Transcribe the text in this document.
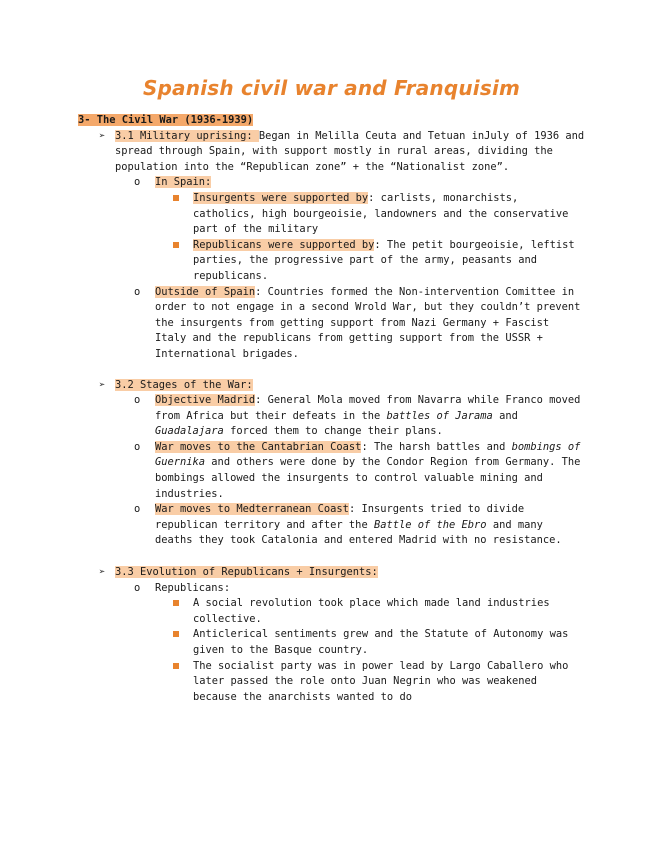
Spanish civil war and Franquisim

3- The Civil War (1936-1939)

➢ 3.1 Military uprising: Began in Melilla Ceuta and Tetuan inJuly of 1936 and spread through Spain, with support mostly in rural areas, dividing the population into the “Republican zone” + the “Nationalist zone”.

o In Spain:

Insurgents were supported by: carlists, monarchists, catholics, high bourgeoisie, landowners and the conservative part of the military

Republicans were supported by: The petit bourgeoisie, leftist parties, the progressive part of the army, peasants and republicans.

o Outside of Spain: Countries formed the Non-intervention Comittee in order to not engage in a second Wrold War, but they couldn’t prevent the insurgents from getting support from Nazi Germany + Fascist Italy and the republicans from getting support from the USSR + International brigades.

➢ 3.2 Stages of the War:

o Objective Madrid: General Mola moved from Navarra while Franco moved from Africa but their defeats in the battles of Jarama and Guadalajara forced them to change their plans.

o War moves to the Cantabrian Coast: The harsh battles and bombings of Guernika and others were done by the Condor Region from Germany. The bombings allowed the insurgents to control valuable mining and industries.

o War moves to Medterranean Coast: Insurgents tried to divide republican territory and after the Battle of the Ebro and many deaths they took Catalonia and entered Madrid with no resistance.

➢ 3.3 Evolution of Republicans + Insurgents:

o Republicans:

A social revolution took place which made land industries collective.

Anticlerical sentiments grew and the Statute of Autonomy was given to the Basque country.

The socialist party was in power lead by Largo Caballero who later passed the role onto Juan Negrin who was weakened because the anarchists wanted to do
